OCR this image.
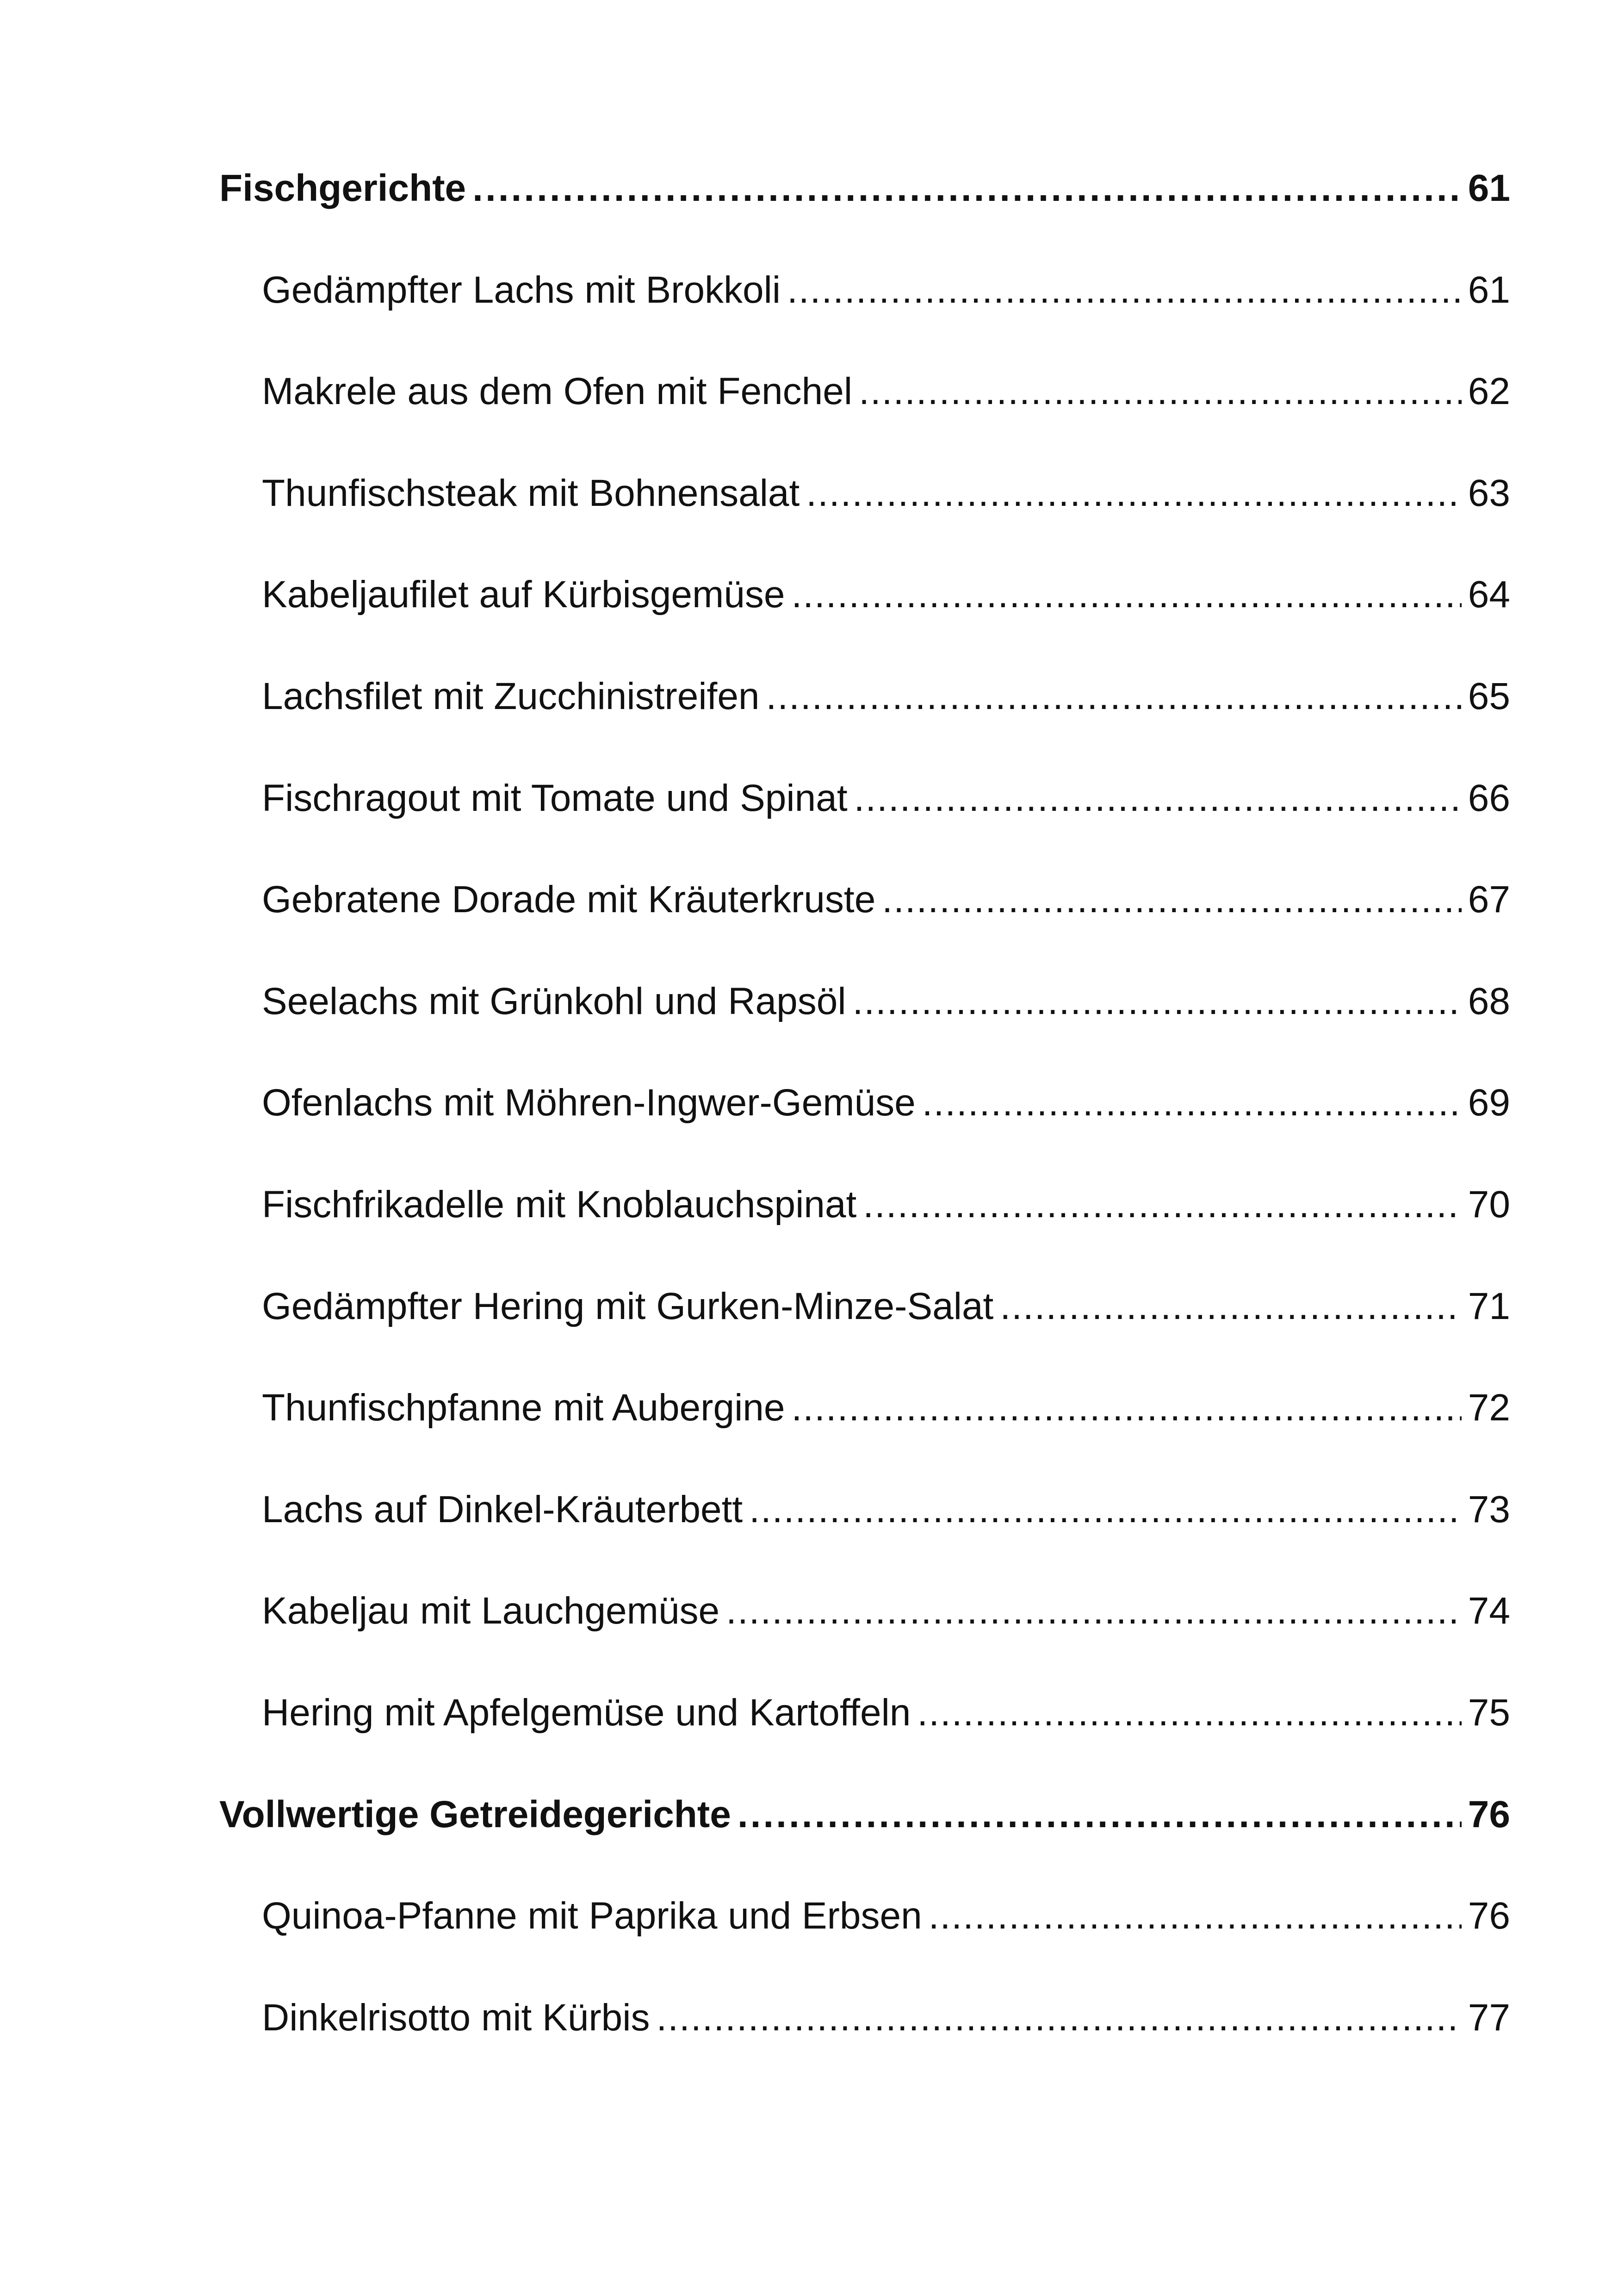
Fischgerichte .....	61
Gedämpfter Lachs mit Brokkoli .....	61
Makrele aus dem Ofen mit Fenchel .....	62
Thunfischsteak mit Bohnensalat .....	63
Kabeljaufilet auf Kürbisgemüse .....	64
Lachsfilet mit Zucchinistreifen .....	65
Fischragout mit Tomate und Spinat .....	66
Gebratene Dorade mit Kräuterkruste .....	67
Seelachs mit Grünkohl und Rapsöl .....	68
Ofenlachs mit Möhren-Ingwer-Gemüse .....	69
Fischfrikadelle mit Knoblauchspinat .....	70
Gedämpfter Hering mit Gurken-Minze-Salat .....	71
Thunfischpfanne mit Aubergine .....	72
Lachs auf Dinkel-Kräuterbett .....	73
Kabeljau mit Lauchgemüse .....	74
Hering mit Apfelgemüse und Kartoffeln .....	75
Vollwertige Getreidegerichte .....	76
Quinoa-Pfanne mit Paprika und Erbsen .....	76
Dinkelrisotto mit Kürbis .....	77
